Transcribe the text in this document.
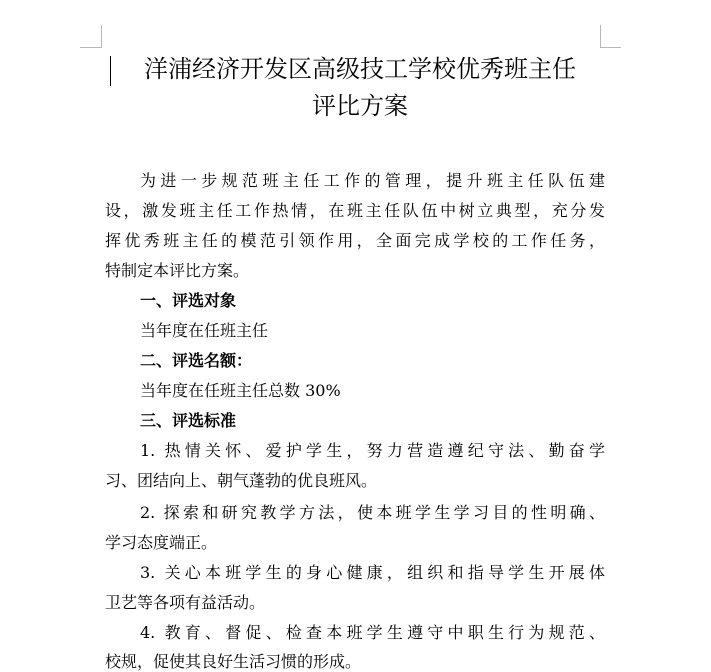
洋浦经济开发区高级技工学校优秀班主任
评比方案
为进一步规范班主任工作的管理，提升班主任队伍建
设，激发班主任工作热情，在班主任队伍中树立典型，充分发
挥优秀班主任的模范引领作用，全面完成学校的工作任务，
特制定本评比方案。
一、评选对象
当年度在任班主任
二、评选名额：
当年度在任班主任总数 30%
三、评选标准
1. 热情关怀、爱护学生，努力营造遵纪守法、勤奋学
习、团结向上、朝气蓬勃的优良班风。
2. 探索和研究教学方法，使本班学生学习目的性明确、
学习态度端正。
3. 关心本班学生的身心健康，组织和指导学生开展体
卫艺等各项有益活动。
4. 教育、督促、检查本班学生遵守中职生行为规范、
校规，促使其良好生活习惯的形成。
